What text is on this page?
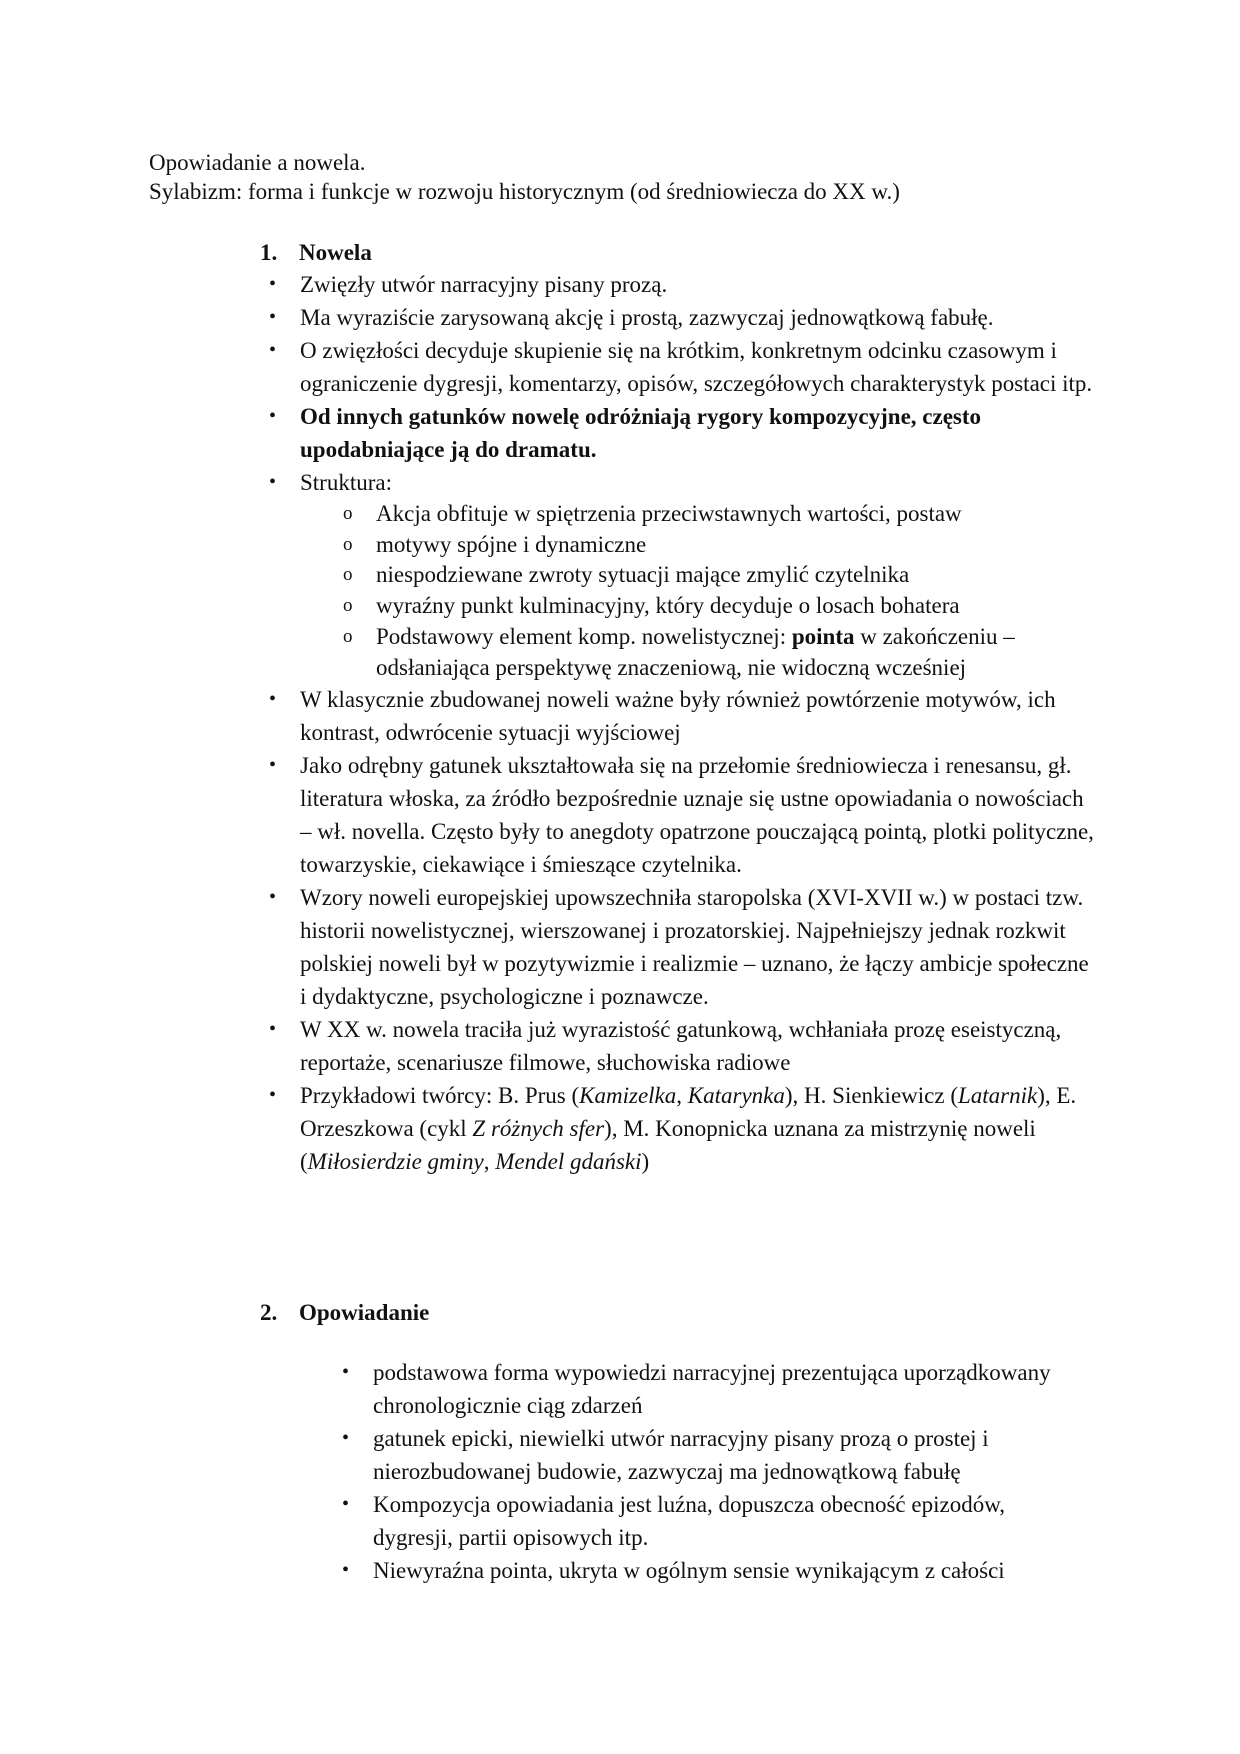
Opowiadanie a nowela.
Sylabizm: forma i funkcje w rozwoju historycznym (od średniowiecza do XX w.)
1. Nowela
• Zwięzły utwór narracyjny pisany prozą.
• Ma wyraziście zarysowaną akcję i prostą, zazwyczaj jednowątkową fabułę.
• O zwięzłości decyduje skupienie się na krótkim, konkretnym odcinku czasowym i ograniczenie dygresji, komentarzy, opisów, szczegółowych charakterystyk postaci itp.
• Od innych gatunków nowelę odróżniają rygory kompozycyjne, często upodabniające ją do dramatu.
• Struktura:
o Akcja obfituje w spiętrzenia przeciwstawnych wartości, postaw
o motywy spójne i dynamiczne
o niespodziewane zwroty sytuacji mające zmylić czytelnika
o wyraźny punkt kulminacyjny, który decyduje o losach bohatera
o Podstawowy element komp. nowelistycznej: pointa w zakończeniu – odsłaniająca perspektywę znaczeniową, nie widoczną wcześniej
• W klasycznie zbudowanej noweli ważne były również powtórzenie motywów, ich kontrast, odwrócenie sytuacji wyjściowej
• Jako odrębny gatunek ukształtowała się na przełomie średniowiecza i renesansu, gł. literatura włoska, za źródło bezpośrednie uznaje się ustne opowiadania o nowościach – wł. novella. Często były to anegdoty opatrzone pouczającą pointą, plotki polityczne, towarzyskie, ciekawiące i śmieszące czytelnika.
• Wzory noweli europejskiej upowszechniła staropolska (XVI-XVII w.) w postaci tzw. historii nowelistycznej, wierszowanej i prozatorskiej. Najpełniejszy jednak rozkwit polskiej noweli był w pozytywizmie i realizmie – uznano, że łączy ambicje społeczne i dydaktyczne, psychologiczne i poznawcze.
• W XX w. nowela traciła już wyrazistość gatunkową, wchłaniała prozę eseistyczną, reportaże, scenariusze filmowe, słuchowiska radiowe
• Przykładowi twórcy: B. Prus (Kamizelka, Katarynka), H. Sienkiewicz (Latarnik), E. Orzeszkowa (cykl Z różnych sfer), M. Konopnicka uznana za mistrzynię noweli (Miłosierdzie gminy, Mendel gdański)
2. Opowiadanie
• podstawowa forma wypowiedzi narracyjnej prezentująca uporządkowany chronologicznie ciąg zdarzeń
• gatunek epicki, niewielki utwór narracyjny pisany prozą o prostej i nierozbudowanej budowie, zazwyczaj ma jednowątkową fabułę
• Kompozycja opowiadania jest luźna, dopuszcza obecność epizodów, dygresji, partii opisowych itp.
• Niewyraźna pointa, ukryta w ogólnym sensie wynikającym z całości
